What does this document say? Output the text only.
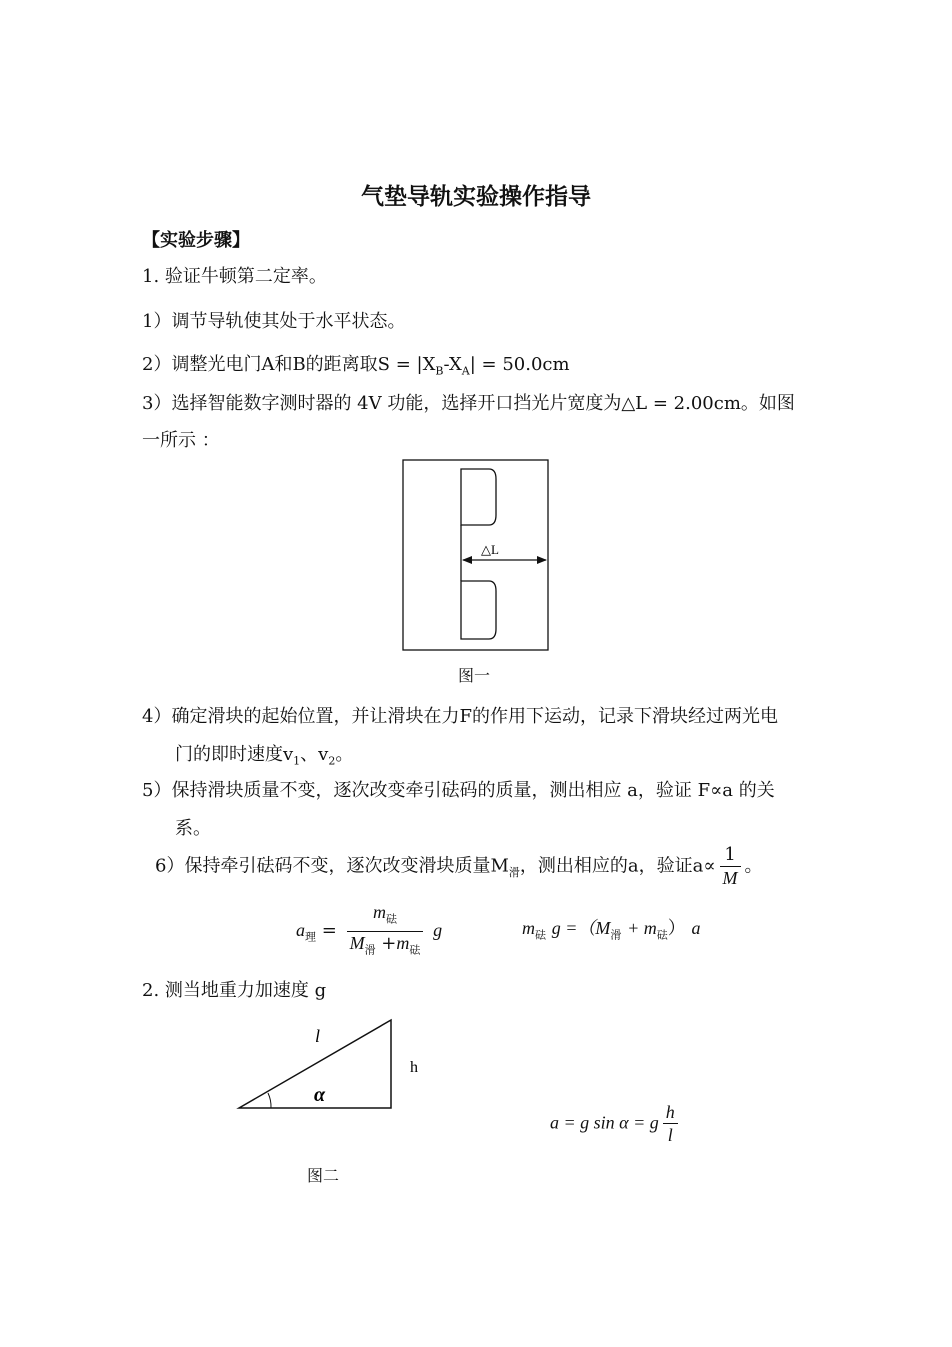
气垫导轨实验操作指导
【实验步骤】
1. 验证牛顿第二定率。
1）调节导轨使其处于水平状态。
2）调整光电门A和B的距离取$S = |X_B-X_A| = 50.0cm$
3）选择智能数字测时器的 4V 功能，选择开口挡光片宽度为△L = 2.00cm。如图
一所示 ：
△L
图一
4）确定滑块的起始位置，并让滑块在力F的作用下运动，记录下滑块经过两光电
门的即时速度$v_1$、$v_2$。
5）保持滑块质量不变，逐次改变牵引砝码的质量，测出相应 a，验证 F∝a 的关
系。
6）保持牵引砝码不变，逐次改变滑块质量$M_滑$，测出相应的a，验证$a\propto \frac{1}{M}$ 。
$a_理 = \frac{m_砝}{M_滑 +m_砝}$ g	$m_砝$ $g =(M_滑 + m_砝)$ a
2. 测当地重力加速度 g
l
h
α
图二
a = g sin α = g $\frac{h}{l}$
